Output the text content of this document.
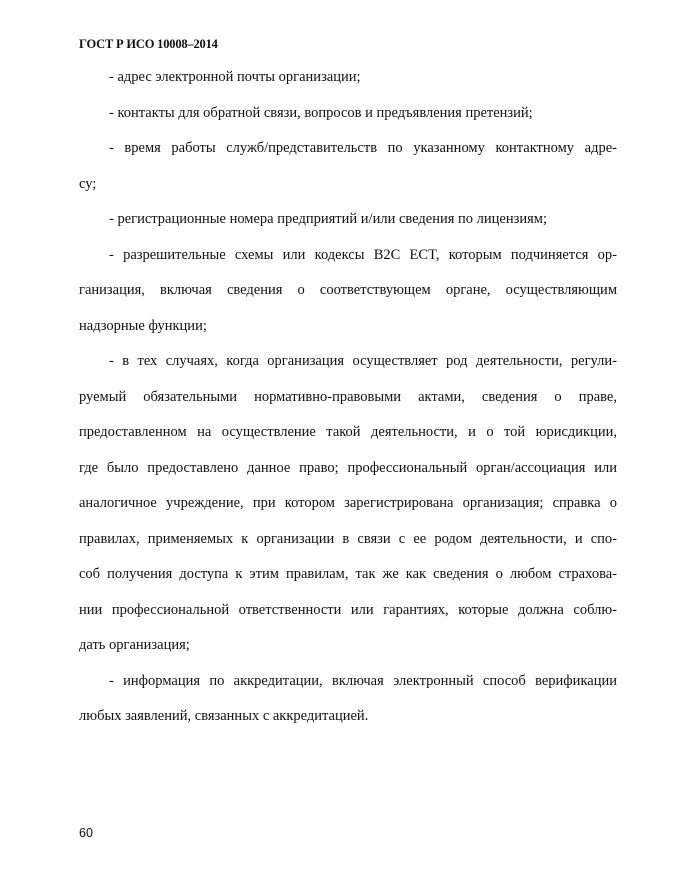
ГОСТ Р ИСО 10008–2014
- адрес электронной почты организации;
- контакты для обратной связи, вопросов и предъявления претензий;
- время работы служб/представительств по указанному контактному адре-
су;
- регистрационные номера предприятий и/или сведения по лицензиям;
- разрешительные схемы или кодексы B2C ECT, которым подчиняется ор-
ганизация, включая сведения о соответствующем органе, осуществляющим
надзорные функции;
- в тех случаях, когда организация осуществляет род деятельности, регули-
руемый обязательными нормативно-правовыми актами, сведения о праве,
предоставленном на осуществление такой деятельности, и о той юрисдикции,
где было предоставлено данное право; профессиональный орган/ассоциация или
аналогичное учреждение, при котором зарегистрирована организация; справка о
правилах, применяемых к организации в связи с ее родом деятельности, и спо-
соб получения доступа к этим правилам, так же как сведения о любом страхова-
нии профессиональной ответственности или гарантиях, которые должна соблю-
дать организация;
- информация по аккредитации, включая электронный способ верификации
любых заявлений, связанных с аккредитацией.
60
